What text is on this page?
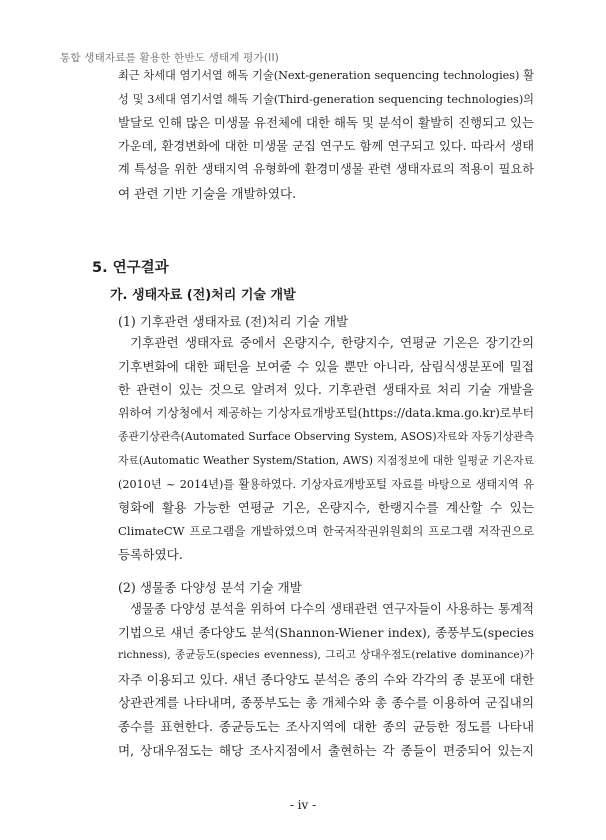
통합 생태자료를 활용한 한반도 생태계 평가(II)

최근 차세대 염기서열 해독 기술(Next-generation sequencing technologies) 활

성 및 3세대 염기서열 해독 기술(Third-generation sequencing technologies)의

발달로 인해 많은 미생물 유전체에 대한 해독 및 분석이 활발히 진행되고 있는

가운데, 환경변화에 대한 미생물 군집 연구도 함께 연구되고 있다. 따라서 생태

계 특성을 위한 생태지역 유형화에 환경미생물 관련 생태자료의 적용이 필요하

여 관련 기반 기술을 개발하였다.

5. 연구결과
가. 생태자료 (전)처리 기술 개발
(1) 기후관련 생태자료 (전)처리 기술 개발

기후관련 생태자료 중에서 온량지수, 한량지수, 연평균 기온은 장기간의

기후변화에 대한 패턴을 보여줄 수 있을 뿐만 아니라, 삼림식생분포에 밀접

한 관련이 있는 것으로 알려져 있다. 기후관련 생태자료 처리 기술 개발을

위하여 기상청에서 제공하는 기상자료개방포털(https://data.kma.go.kr)로부터

종관기상관측(Automated Surface Observing System, ASOS)자료와 자동기상관측

자료(Automatic Weather System/Station, AWS) 지점정보에 대한 일평균 기온자료

(2010년 ~ 2014년)를 활용하였다. 기상자료개방포털 자료를 바탕으로 생태지역 유

형화에 활용 가능한 연평균 기온, 온량지수, 한랭지수를 계산할 수 있는

ClimateCW 프로그램을 개발하였으며 한국저작권위원회의 프로그램 저작권으로

등록하였다.

(2) 생물종 다양성 분석 기술 개발

생물종 다양성 분석을 위하여 다수의 생태관련 연구자들이 사용하는 통계적

기법으로 섀넌 종다양도 분석(Shannon-Wiener index), 종풍부도(species

richness), 종균등도(species evenness), 그리고 상대우점도(relative dominance)가

자주 이용되고 있다. 섀넌 종다양도 분석은 종의 수와 각각의 종 분포에 대한

상관관계를 나타내며, 종풍부도는 총 개체수와 총 종수를 이용하여 군집내의

종수를 표현한다. 종균등도는 조사지역에 대한 종의 균등한 정도를 나타내

며, 상대우점도는 해당 조사지점에서 출현하는 각 종들이 편중되어 있는지

- iv -
